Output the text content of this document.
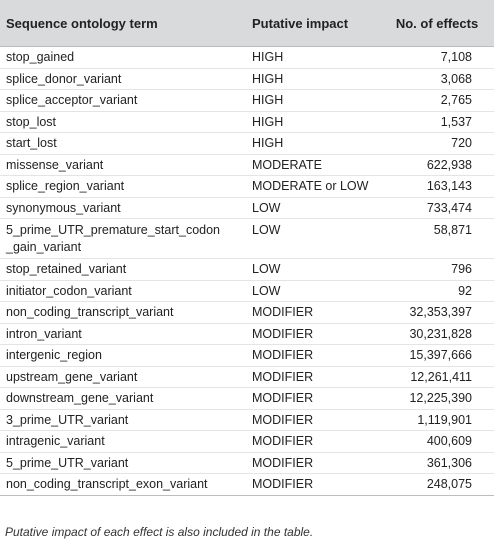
Sequence ontology term	Putative impact	No. of effects
stop_gained	HIGH	7,108
splice_donor_variant	HIGH	3,068
splice_acceptor_variant	HIGH	2,765
stop_lost	HIGH	1,537
start_lost	HIGH	720
missense_variant	MODERATE	622,938
splice_region_variant	MODERATE or LOW	163,143
synonymous_variant	LOW	733,474
5_prime_UTR_premature_start_codon
_gain_variant	LOW	58,871
stop_retained_variant	LOW	796
initiator_codon_variant	LOW	92
non_coding_transcript_variant	MODIFIER	32,353,397
intron_variant	MODIFIER	30,231,828
intergenic_region	MODIFIER	15,397,666
upstream_gene_variant	MODIFIER	12,261,411
downstream_gene_variant	MODIFIER	12,225,390
3_prime_UTR_variant	MODIFIER	1,119,901
intragenic_variant	MODIFIER	400,609
5_prime_UTR_variant	MODIFIER	361,306
non_coding_transcript_exon_variant	MODIFIER	248,075

Putative impact of each effect is also included in the table.
